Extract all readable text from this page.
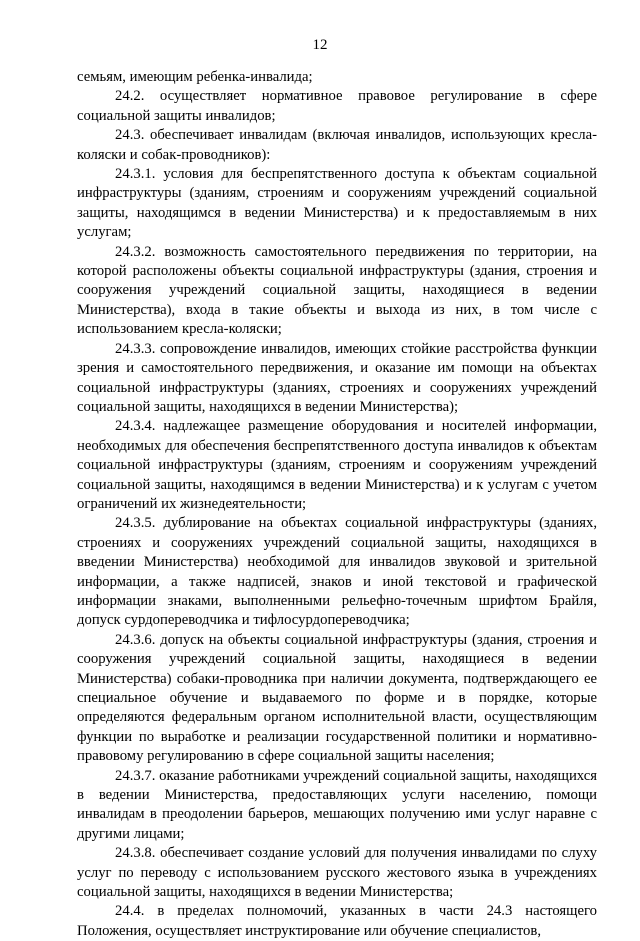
12

семьям, имеющим ребенка-инвалида;

24.2. осуществляет нормативное правовое регулирование в сфере социальной защиты инвалидов;

24.3. обеспечивает инвалидам (включая инвалидов, использующих кресла-коляски и собак-проводников):

24.3.1. условия для беспрепятственного доступа к объектам социальной инфраструктуры (зданиям, строениям и сооружениям учреждений социальной защиты, находящимся в ведении Министерства) и к предоставляемым в них услугам;

24.3.2. возможность самостоятельного передвижения по территории, на которой расположены объекты социальной инфраструктуры (здания, строения и сооружения учреждений социальной защиты, находящиеся в ведении Министерства), входа в такие объекты и выхода из них, в том числе с использованием кресла-коляски;

24.3.3. сопровождение инвалидов, имеющих стойкие расстройства функции зрения и самостоятельного передвижения, и оказание им помощи на объектах социальной инфраструктуры (зданиях, строениях и сооружениях учреждений социальной защиты, находящихся в ведении Министерства);

24.3.4. надлежащее размещение оборудования и носителей информации, необходимых для обеспечения беспрепятственного доступа инвалидов к объектам социальной инфраструктуры (зданиям, строениям и сооружениям учреждений социальной защиты, находящимся в ведении Министерства) и к услугам с учетом ограничений их жизнедеятельности;

24.3.5. дублирование на объектах социальной инфраструктуры (зданиях, строениях и сооружениях учреждений социальной защиты, находящихся в введении Министерства) необходимой для инвалидов звуковой и зрительной информации, а также надписей, знаков и иной текстовой и графической информации знаками, выполненными рельефно-точечным шрифтом Брайля, допуск сурдопереводчика и тифлосурдопереводчика;

24.3.6. допуск на объекты социальной инфраструктуры (здания, строения и сооружения учреждений социальной защиты, находящиеся в ведении Министерства) собаки-проводника при наличии документа, подтверждающего ее специальное обучение и выдаваемого по форме и в порядке, которые определяются федеральным органом исполнительной власти, осуществляющим функции по выработке и реализации государственной политики и нормативно-правовому регулированию в сфере социальной защиты населения;

24.3.7. оказание работниками учреждений социальной защиты, находящихся в ведении Министерства, предоставляющих услуги населению, помощи инвалидам в преодолении барьеров, мешающих получению ими услуг наравне с другими лицами;

24.3.8. обеспечивает создание условий для получения инвалидами по слуху услуг по переводу с использованием русского жестового языка в учреждениях социальной защиты, находящихся в ведении Министерства;

24.4. в пределах полномочий, указанных в части 24.3 настоящего Положения, осуществляет инструктирование или обучение специалистов,
